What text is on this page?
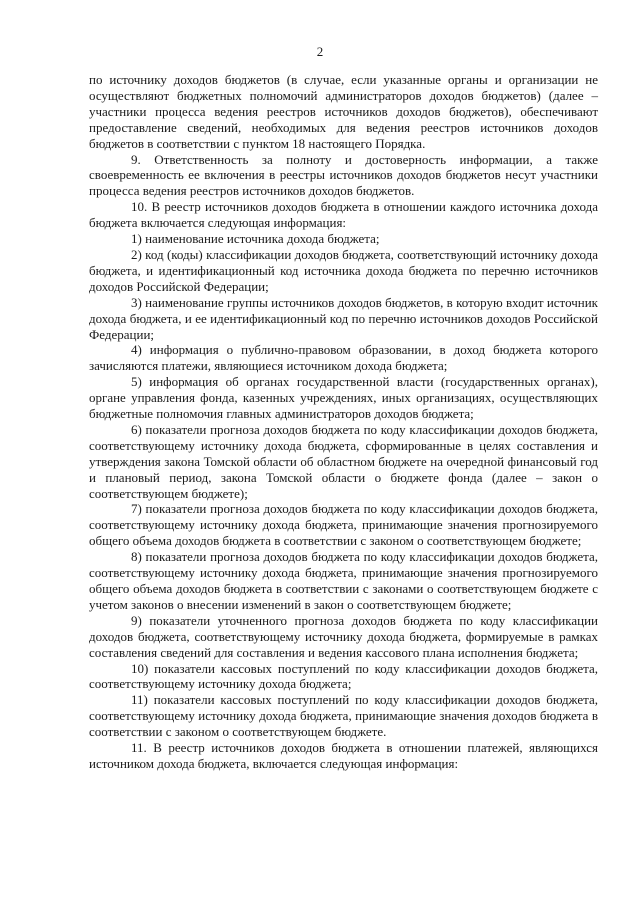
2

по источнику доходов бюджетов (в случае, если указанные органы и организации не осуществляют бюджетных полномочий администраторов доходов бюджетов) (далее – участники процесса ведения реестров источников доходов бюджетов), обеспечивают предоставление сведений, необходимых для ведения реестров источников доходов бюджетов в соответствии с пунктом 18 настоящего Порядка.

9. Ответственность за полноту и достоверность информации, а также своевременность ее включения в реестры источников доходов бюджетов несут участники процесса ведения реестров источников доходов бюджетов.

10. В реестр источников доходов бюджета в отношении каждого источника дохода бюджета включается следующая информация:

1) наименование источника дохода бюджета;

2) код (коды) классификации доходов бюджета, соответствующий источнику дохода бюджета, и идентификационный код источника дохода бюджета по перечню источников доходов Российской Федерации;

3) наименование группы источников доходов бюджетов, в которую входит источник дохода бюджета, и ее идентификационный код по перечню источников доходов Российской Федерации;

4) информация о публично-правовом образовании, в доход бюджета которого зачисляются платежи, являющиеся источником дохода бюджета;

5) информация об органах государственной власти (государственных органах), органе управления фонда, казенных учреждениях, иных организациях, осуществляющих бюджетные полномочия главных администраторов доходов бюджета;

6) показатели прогноза доходов бюджета по коду классификации доходов бюджета, соответствующему источнику дохода бюджета, сформированные в целях составления и утверждения закона Томской области об областном бюджете на очередной финансовый год и плановый период, закона Томской области о бюджете фонда (далее – закон о соответствующем бюджете);

7) показатели прогноза доходов бюджета по коду классификации доходов бюджета, соответствующему источнику дохода бюджета, принимающие значения прогнозируемого общего объема доходов бюджета в соответствии с законом о соответствующем бюджете;

8) показатели прогноза доходов бюджета по коду классификации доходов бюджета, соответствующему источнику дохода бюджета, принимающие значения прогнозируемого общего объема доходов бюджета в соответствии с законами о соответствующем бюджете с учетом законов о внесении изменений в закон о соответствующем бюджете;

9) показатели уточненного прогноза доходов бюджета по коду классификации доходов бюджета, соответствующему источнику дохода бюджета, формируемые в рамках составления сведений для составления и ведения кассового плана исполнения бюджета;

10) показатели кассовых поступлений по коду классификации доходов бюджета, соответствующему источнику дохода бюджета;

11) показатели кассовых поступлений по коду классификации доходов бюджета, соответствующему источнику дохода бюджета, принимающие значения доходов бюджета в соответствии с законом о соответствующем бюджете.

11. В реестр источников доходов бюджета в отношении платежей, являющихся источником дохода бюджета, включается следующая информация:
